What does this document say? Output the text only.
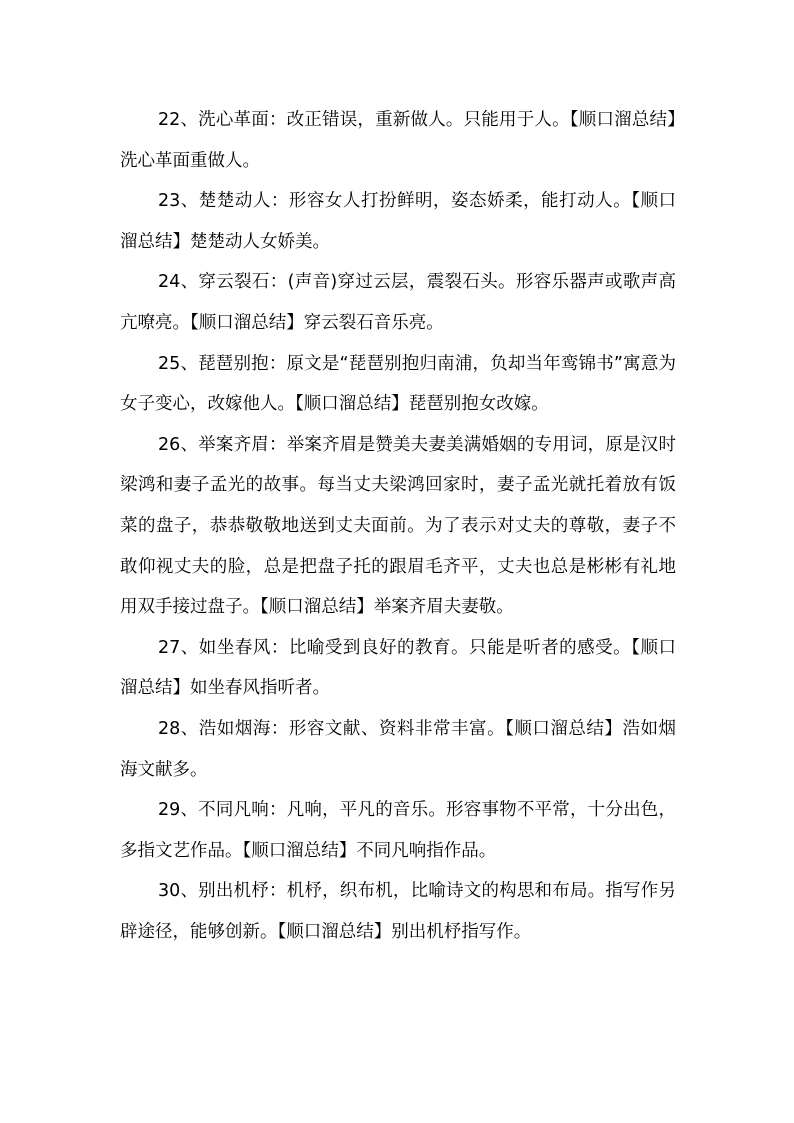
22、洗心革面：改正错误，重新做人。只能用于人。【顺口溜总结】洗心革面重做人。

23、楚楚动人：形容女人打扮鲜明，姿态娇柔，能打动人。【顺口溜总结】楚楚动人女娇美。

24、穿云裂石：(声音)穿过云层，震裂石头。形容乐器声或歌声高亢嘹亮。【顺口溜总结】穿云裂石音乐亮。

25、琵琶别抱：原文是“琵琶别抱归南浦，负却当年鸾锦书”寓意为女子变心，改嫁他人。【顺口溜总结】琵琶别抱女改嫁。

26、举案齐眉：举案齐眉是赞美夫妻美满婚姻的专用词，原是汉时梁鸿和妻子孟光的故事。每当丈夫梁鸿回家时，妻子孟光就托着放有饭菜的盘子，恭恭敬敬地送到丈夫面前。为了表示对丈夫的尊敬，妻子不敢仰视丈夫的脸，总是把盘子托的跟眉毛齐平，丈夫也总是彬彬有礼地用双手接过盘子。【顺口溜总结】举案齐眉夫妻敬。

27、如坐春风：比喻受到良好的教育。只能是听者的感受。【顺口溜总结】如坐春风指听者。

28、浩如烟海：形容文献、资料非常丰富。【顺口溜总结】浩如烟海文献多。

29、不同凡响：凡响，平凡的音乐。形容事物不平常，十分出色，多指文艺作品。【顺口溜总结】不同凡响指作品。

30、别出机杼：机杼，织布机，比喻诗文的构思和布局。指写作另辟途径，能够创新。【顺口溜总结】别出机杼指写作。
